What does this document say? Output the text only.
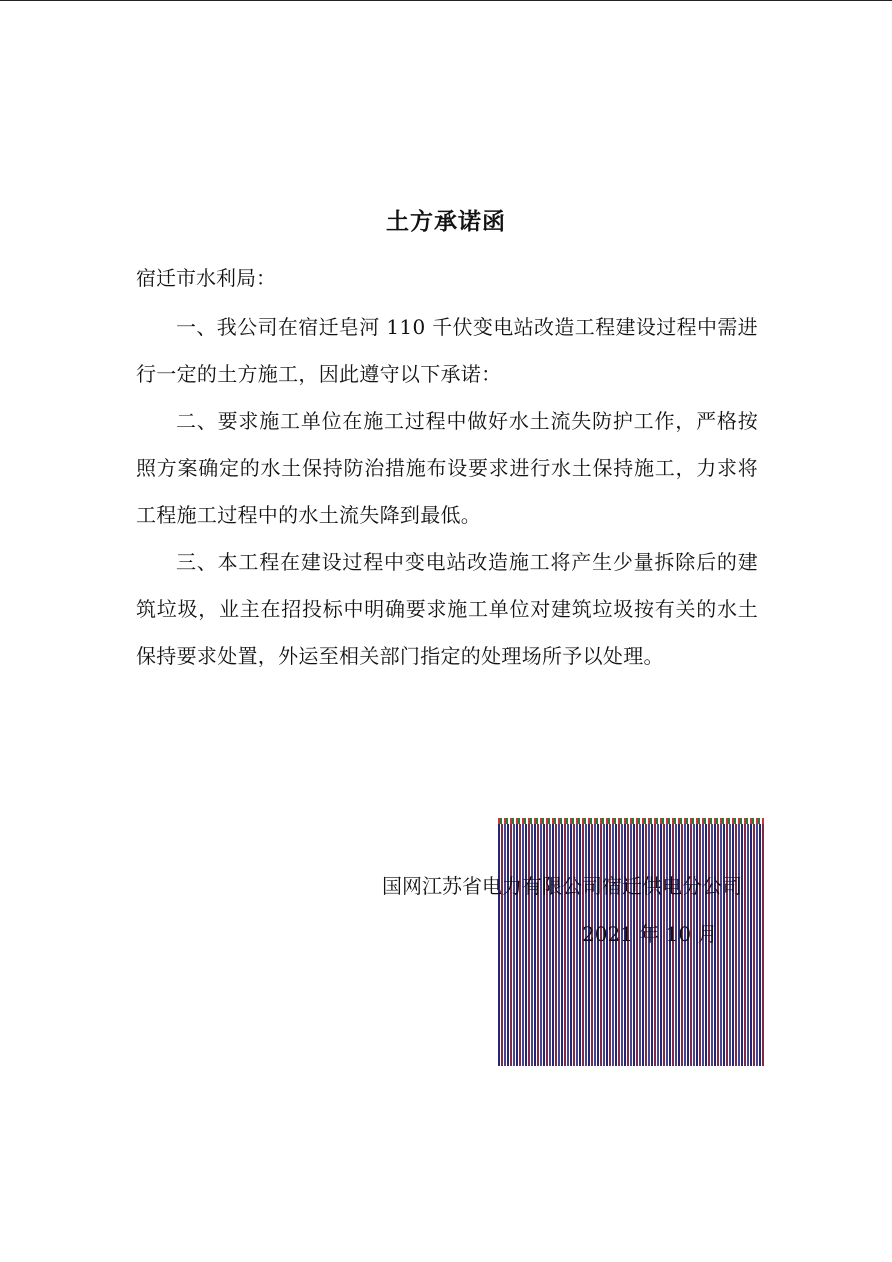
土方承诺函
宿迁市水利局：
一、我公司在宿迁皂河 110 千伏变电站改造工程建设过程中需进行一定的土方施工，因此遵守以下承诺：
二、要求施工单位在施工过程中做好水土流失防护工作，严格按照方案确定的水土保持防治措施布设要求进行水土保持施工，力求将工程施工过程中的水土流失降到最低。
三、本工程在建设过程中变电站改造施工将产生少量拆除后的建筑垃圾，业主在招投标中明确要求施工单位对建筑垃圾按有关的水土保持要求处置，外运至相关部门指定的处理场所予以处理。
国网江苏省电力有限公司宿迁供电分公司
2021 年 10 月
